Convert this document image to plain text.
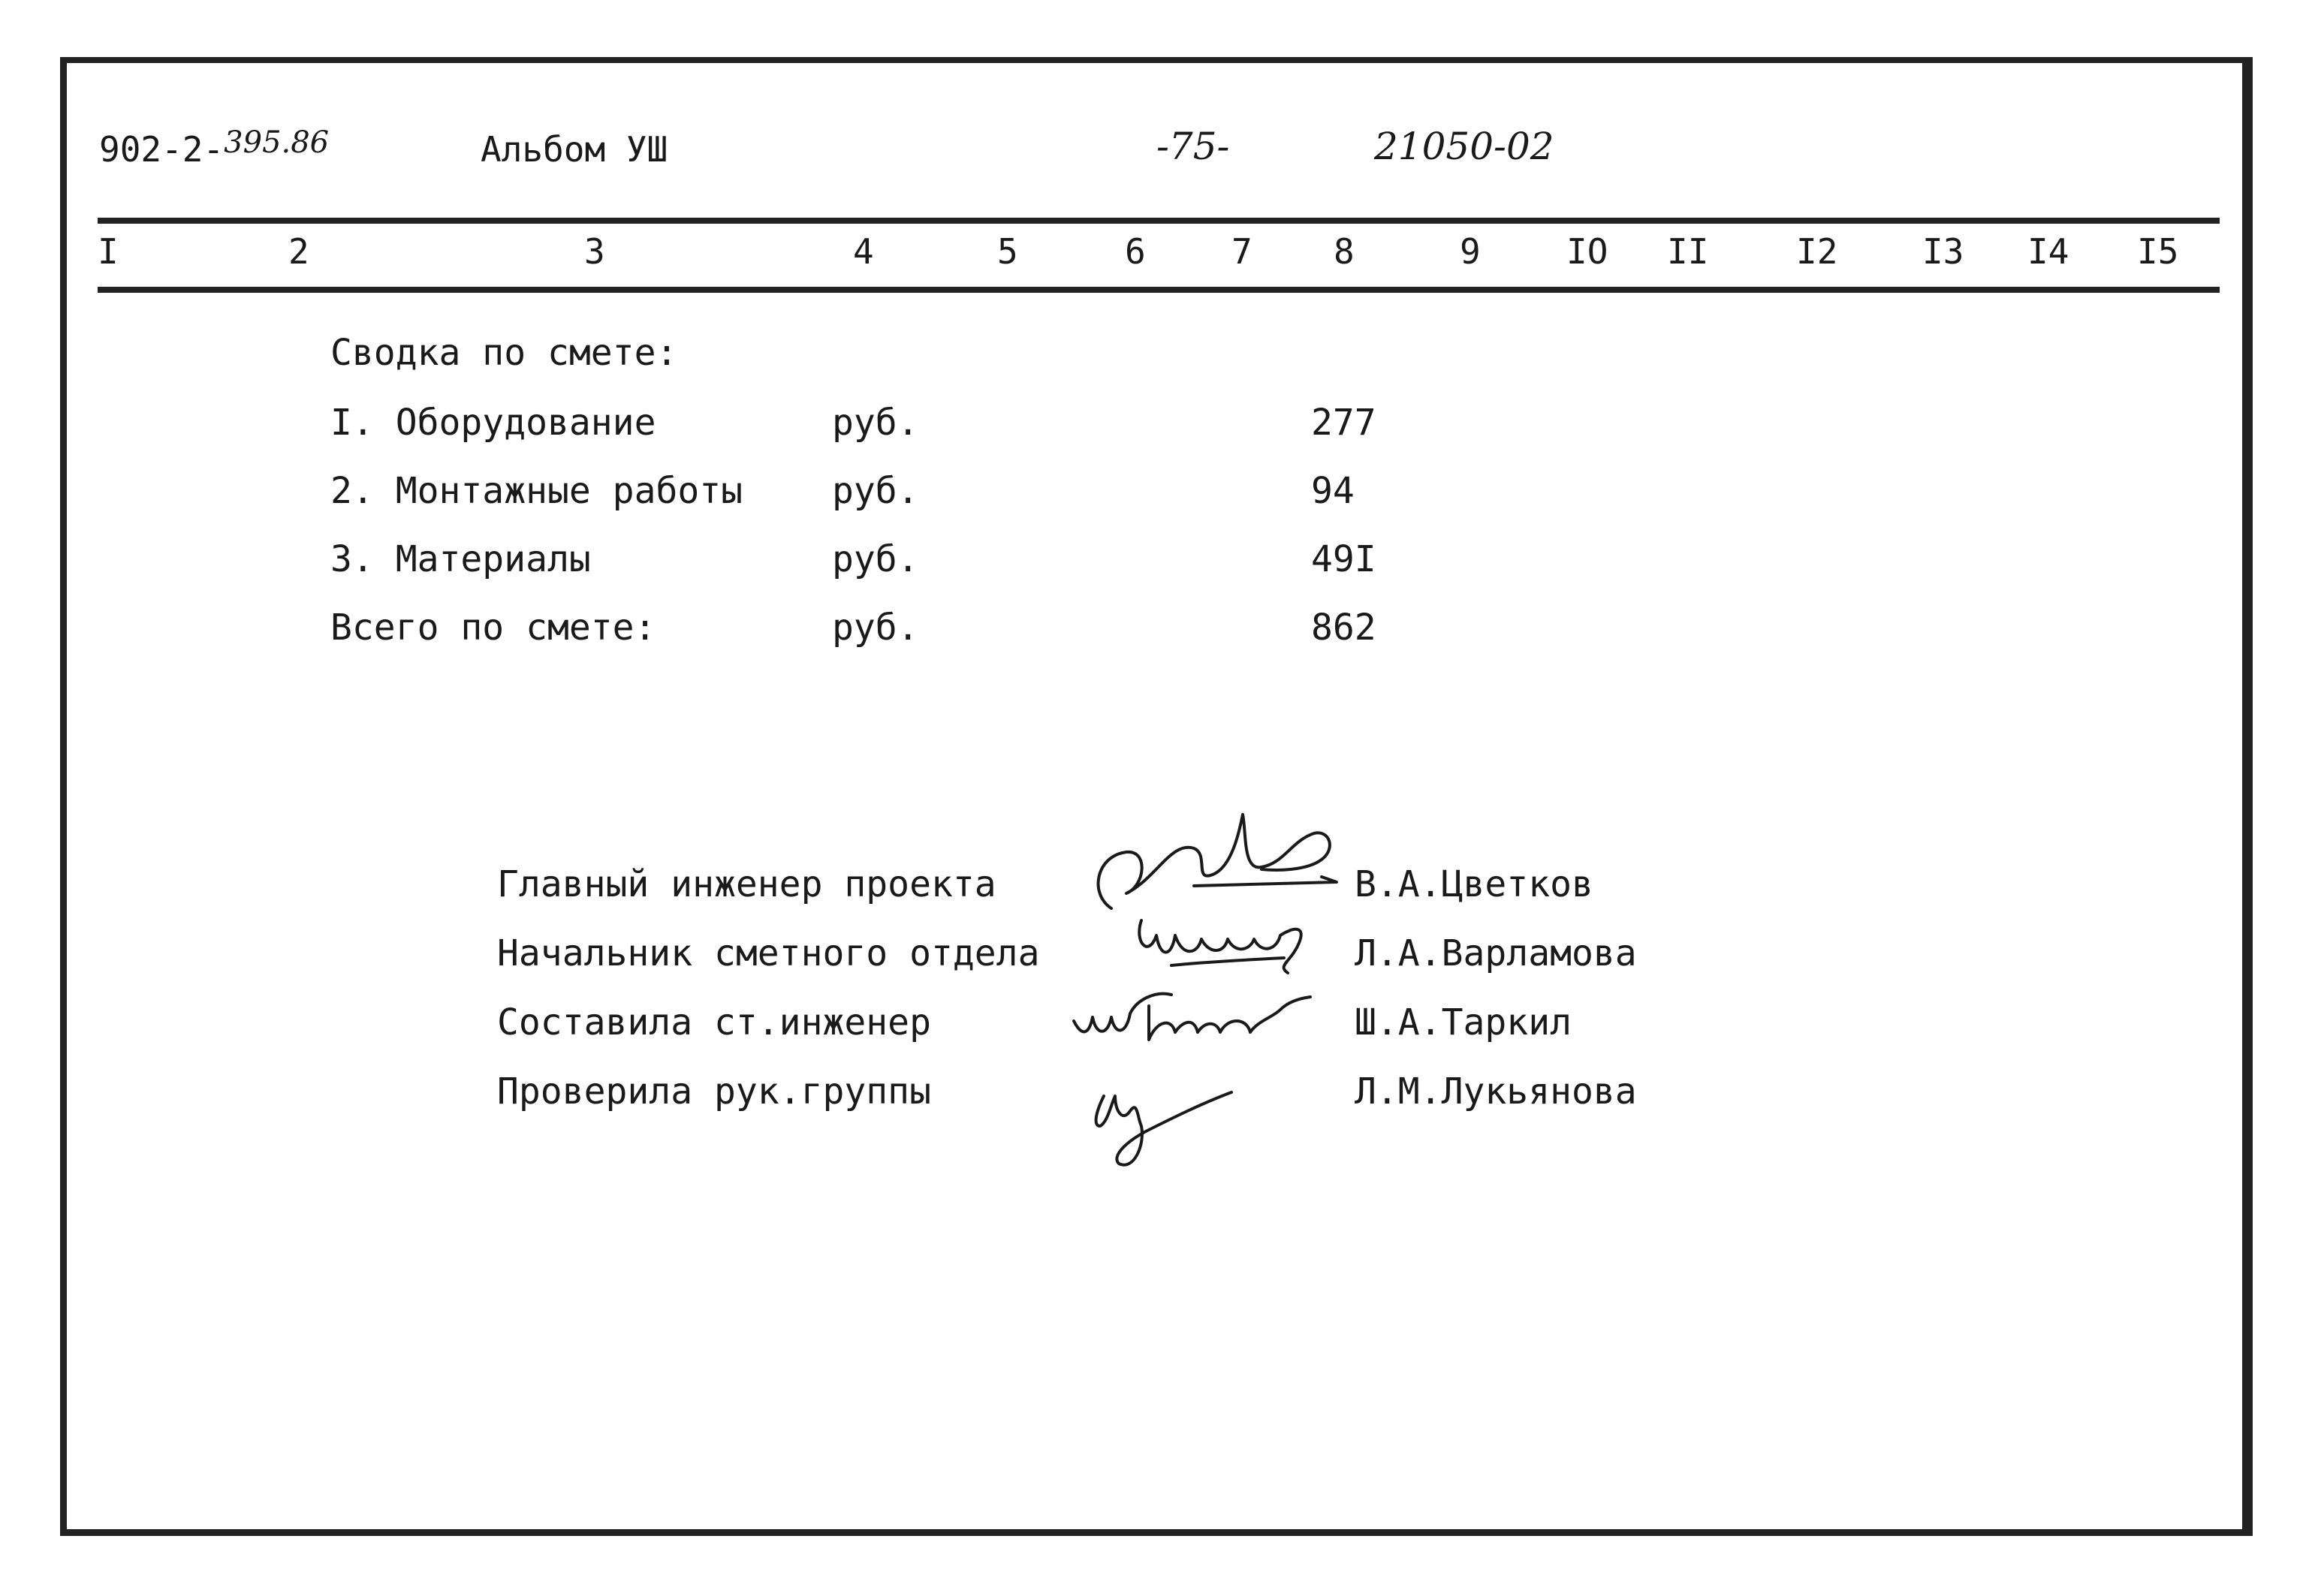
902-2-395.86	Альбом УШ	-75-	21050-02
I	2	3	4	5	6 7 8	9 IO II	I2 I3 I4 I5
Сводка по смете:
I. Оборудование	руб.	277
2. Монтажные работы руб.	94
3. Материалы	руб.	49I
Всего по смете:	руб.	862
Главный инженер проекта	В.А.Цветков
Начальник сметного отдела	Л.А.Варламова
Составила ст.инженер	Ш.А.Таркил
Проверила рук.группы	Л.М.Лукьянова
